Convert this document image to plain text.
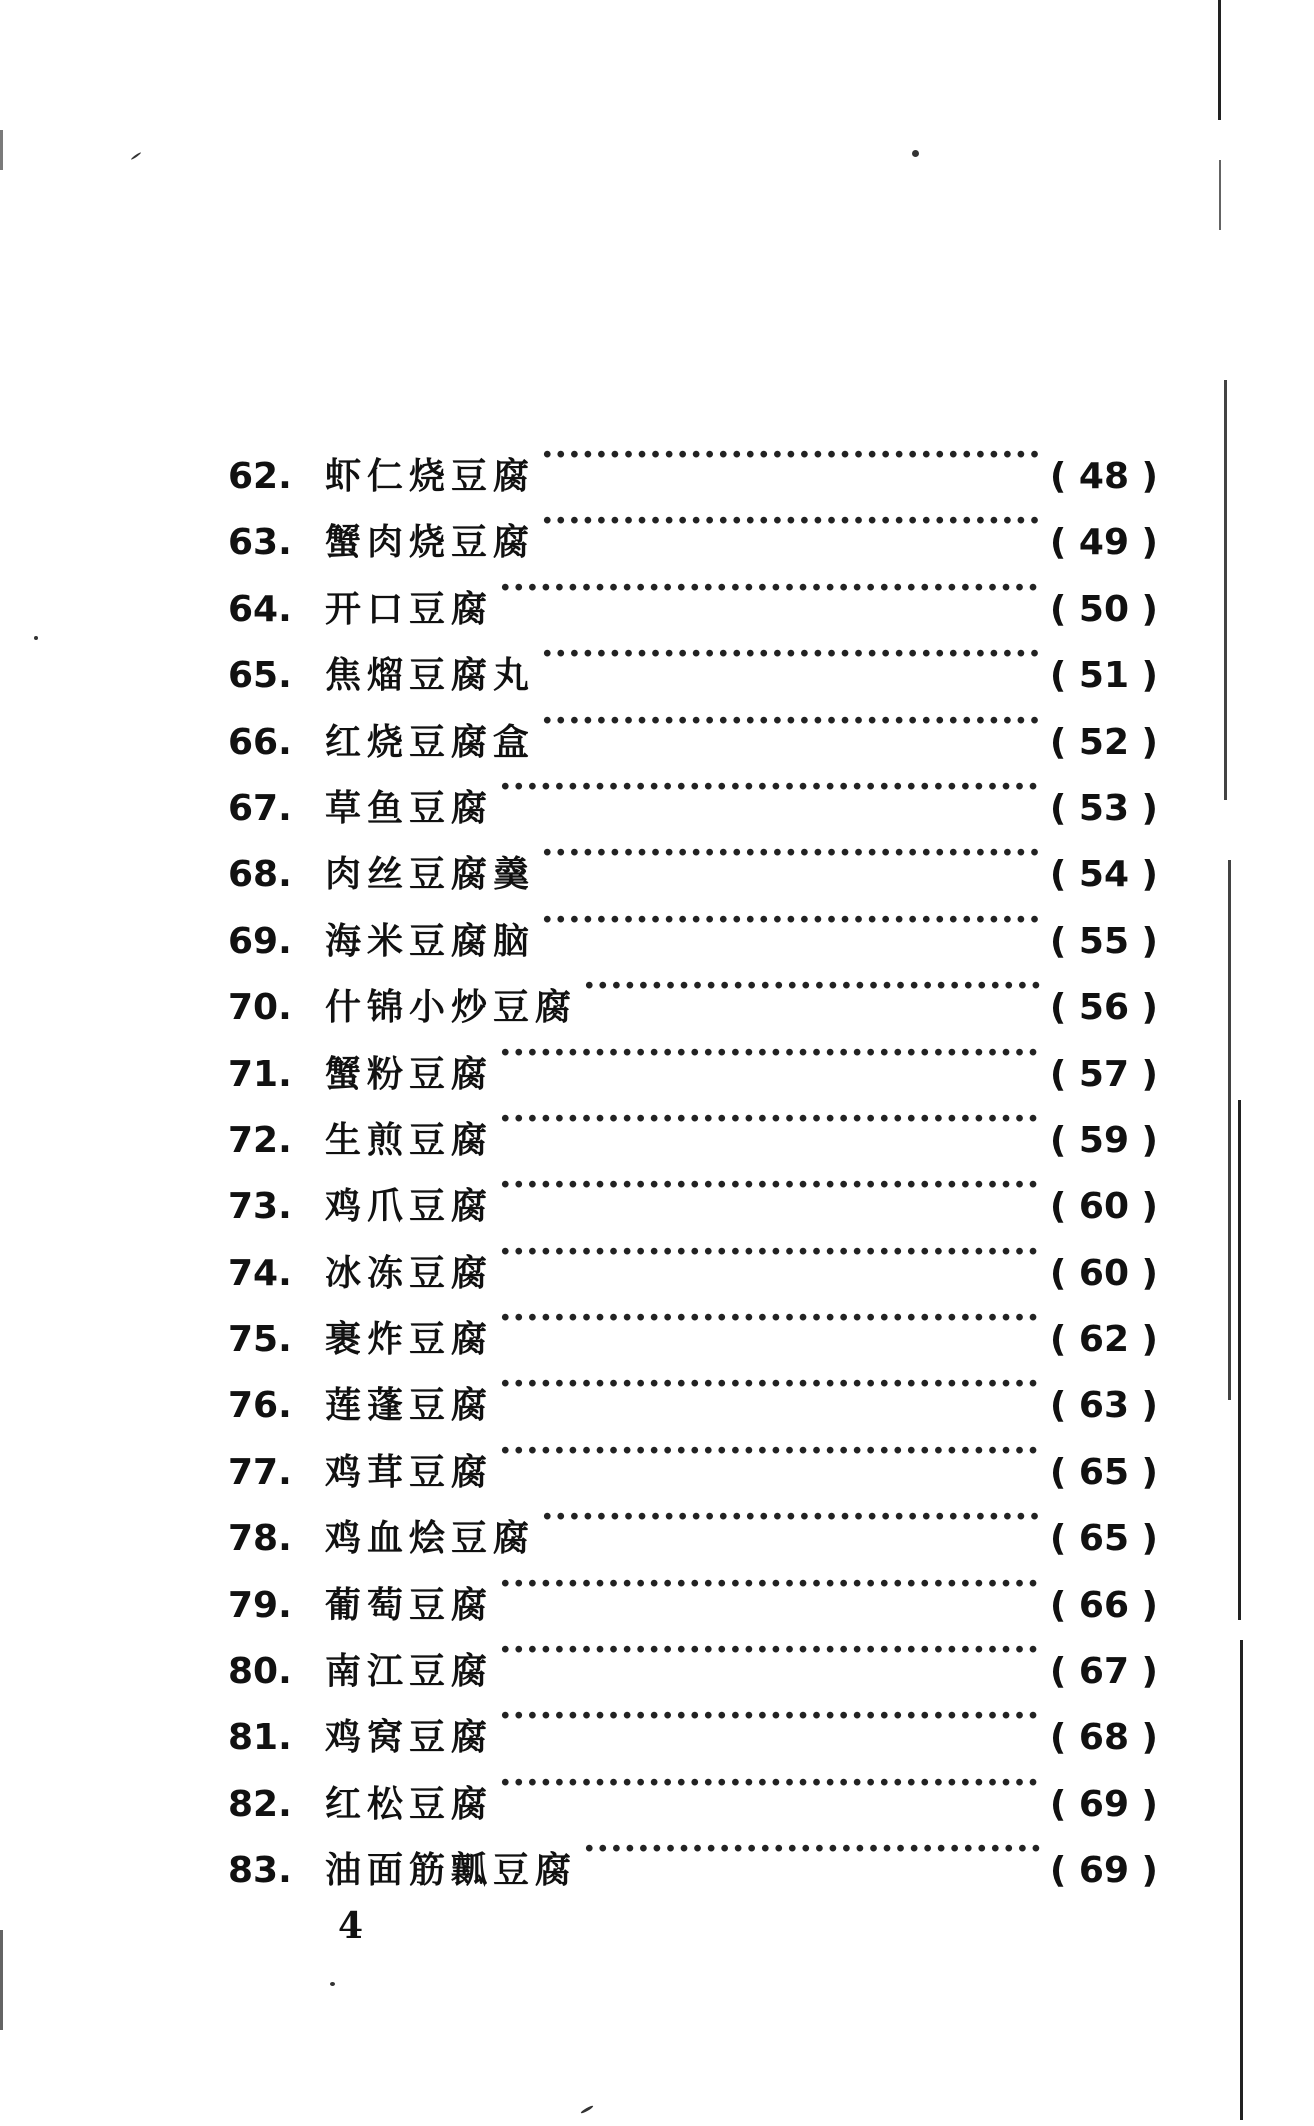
62. 虾仁烧豆腐 ·····	( 48 )
63. 蟹肉烧豆腐 ·····	( 49 )
64. 开口豆腐 ·····	( 50 )
65. 焦熘豆腐丸 ·····	( 51 )
66. 红烧豆腐盒 ·····	( 52 )
67. 草鱼豆腐 ·····	( 53 )
68. 肉丝豆腐羹 ·····	( 54 )
69. 海米豆腐脑 ·····	( 55 )
70. 什锦小炒豆腐 ·····	( 56 )
71. 蟹粉豆腐 ·····	( 57 )
72. 生煎豆腐 ·····	( 59 )
73. 鸡爪豆腐 ·····	( 60 )
74. 冰冻豆腐 ·····	( 60 )
75. 裹炸豆腐 ·····	( 62 )
76. 莲蓬豆腐 ·····	( 63 )
77. 鸡茸豆腐 ·····	( 65 )
78. 鸡血烩豆腐 ·····	( 65 )
79. 葡萄豆腐 ·····	( 66 )
80. 南江豆腐 ·····	( 67 )
81. 鸡窝豆腐 ·····	( 68 )
82. 红松豆腐 ·····	( 69 )
83. 油面筋瓤豆腐 ·····	( 69 )
4
